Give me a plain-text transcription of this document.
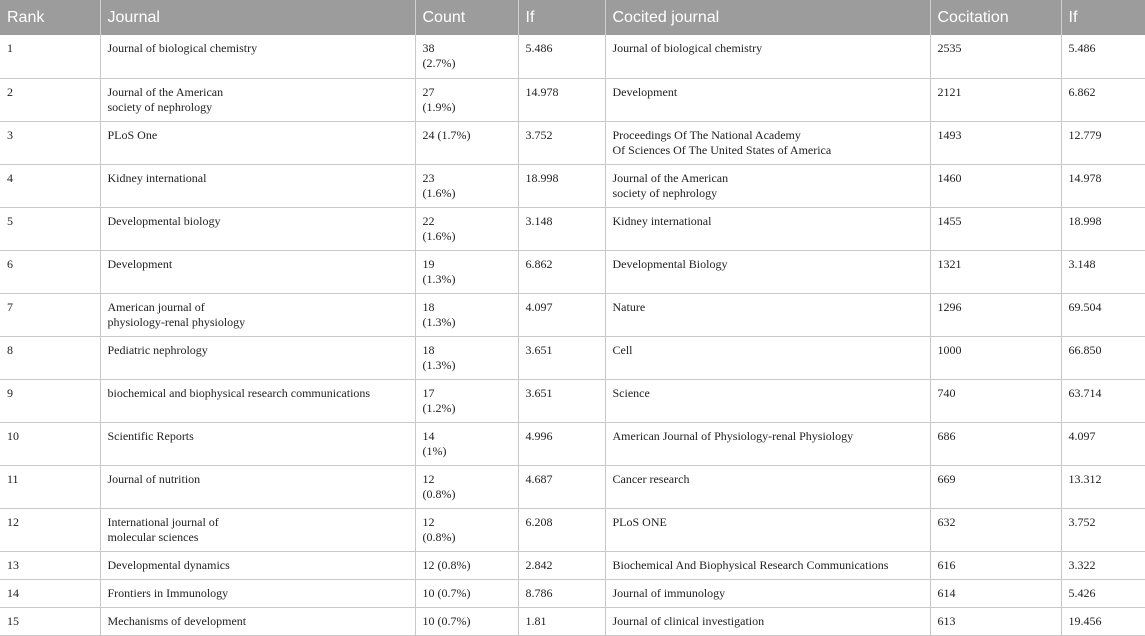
Rank	Journal	Count	If	Cocited journal	Cocitation	If

1	Journal of biological chemistry	38
(2.7%)	5.486	Journal of biological chemistry	2535	5.486

2	Journal of the American
society of nephrology	27
(1.9%)	14.978	Development	2121	6.862

3	PLoS One	24 (1.7%)	3.752	Proceedings Of The National Academy
Of Sciences Of The United States of America	1493	12.779

4	Kidney international	23
(1.6%)	18.998	Journal of the American
society of nephrology	1460	14.978

5	Developmental biology	22
(1.6%)	3.148	Kidney international	1455	18.998

6	Development	19
(1.3%)	6.862	Developmental Biology	1321	3.148

7	American journal of
physiology-renal physiology	18
(1.3%)	4.097	Nature	1296	69.504

8	Pediatric nephrology	18
(1.3%)	3.651	Cell	1000	66.850

9	biochemical and biophysical research communications	17
(1.2%)	3.651	Science	740	63.714

10	Scientific Reports	14
(1%)	4.996	American Journal of Physiology-renal Physiology	686	4.097

11	Journal of nutrition	12
(0.8%)	4.687	Cancer research	669	13.312

12	International journal of
molecular sciences	12
(0.8%)	6.208	PLoS ONE	632	3.752

13	Developmental dynamics	12 (0.8%)	2.842	Biochemical And Biophysical Research Communications	616	3.322

14	Frontiers in Immunology	10 (0.7%)	8.786	Journal of immunology	614	5.426

15	Mechanisms of development	10 (0.7%)	1.81	Journal of clinical investigation	613	19.456
